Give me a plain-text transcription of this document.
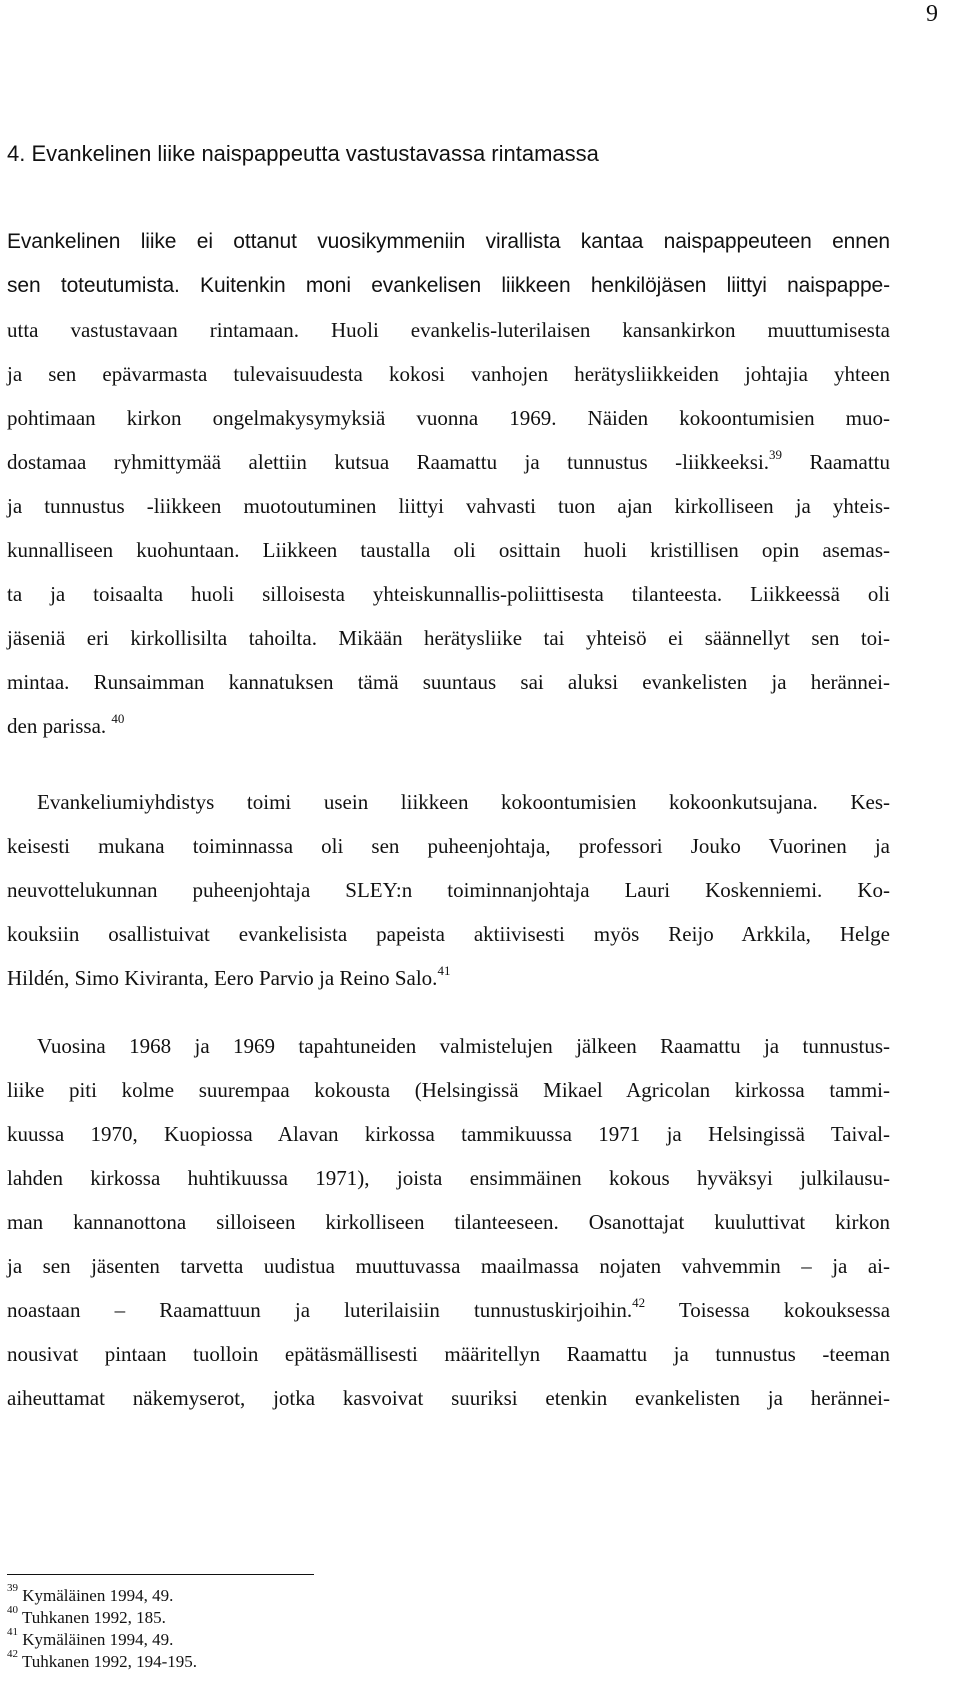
9
4. Evankelinen liike naispappeutta vastustavassa rintamassa
Evankelinen liike ei ottanut vuosikymmeniin virallista kantaa naispappeuteen ennen
sen toteutumista. Kuitenkin moni evankelisen liikkeen henkilöjäsen liittyi naispappe-
utta vastustavaan rintamaan. Huoli evankelis-luterilaisen kansankirkon muuttumisesta
ja sen epävarmasta tulevaisuudesta kokosi vanhojen herätysliikkeiden johtajia yhteen
pohtimaan kirkon ongelmakysymyksiä vuonna 1969. Näiden kokoontumisien muo-
dostamaa ryhmittymää alettiin kutsua Raamattu ja tunnustus -liikkeeksi.$^{39}$ Raamattu
ja tunnustus -liikkeen muotoutuminen liittyi vahvasti tuon ajan kirkolliseen ja yhteis-
kunnalliseen kuohuntaan. Liikkeen taustalla oli osittain huoli kristillisen opin asemas-
ta ja toisaalta huoli silloisesta yhteiskunnallis-poliittisesta tilanteesta. Liikkeessä oli
jäseniä eri kirkollisilta tahoilta. Mikään herätysliike tai yhteisö ei säännellyt sen toi-
mintaa. Runsaimman kannatuksen tämä suuntaus sai aluksi evankelisten ja herännei-
den parissa. $^{40}$
Evankeliumiyhdistys toimi usein liikkeen kokoontumisien kokoonkutsujana. Kes-
keisesti mukana toiminnassa oli sen puheenjohtaja, professori Jouko Vuorinen ja
neuvottelukunnan puheenjohtaja SLEY:n toiminnanjohtaja Lauri Koskenniemi. Ko-
kouksiin osallistuivat evankelisista papeista aktiivisesti myös Reijo Arkkila, Helge
Hildén, Simo Kiviranta, Eero Parvio ja Reino Salo.$^{41}$
Vuosina 1968 ja 1969 tapahtuneiden valmistelujen jälkeen Raamattu ja tunnustus-
liike piti kolme suurempaa kokousta (Helsingissä Mikael Agricolan kirkossa tammi-
kuussa 1970, Kuopiossa Alavan kirkossa tammikuussa 1971 ja Helsingissä Taival-
lahden kirkossa huhtikuussa 1971), joista ensimmäinen kokous hyväksyi julkilausu-
man kannanottona silloiseen kirkolliseen tilanteeseen. Osanottajat kuuluttivat kirkon
ja sen jäsenten tarvetta uudistua muuttuvassa maailmassa nojaten vahvemmin – ja ai-
noastaan – Raamattuun ja luterilaisiin tunnustuskirjoihin.$^{42}$ Toisessa kokouksessa
nousivat pintaan tuolloin epätäsmällisesti määritellyn Raamattu ja tunnustus -teeman
aiheuttamat näkemyserot, jotka kasvoivat suuriksi etenkin evankelisten ja herännei-
$^{39}$ Kymäläinen 1994, 49.
$^{40}$ Tuhkanen 1992, 185.
$^{41}$ Kymäläinen 1994, 49.
$^{42}$ Tuhkanen 1992, 194-195.
